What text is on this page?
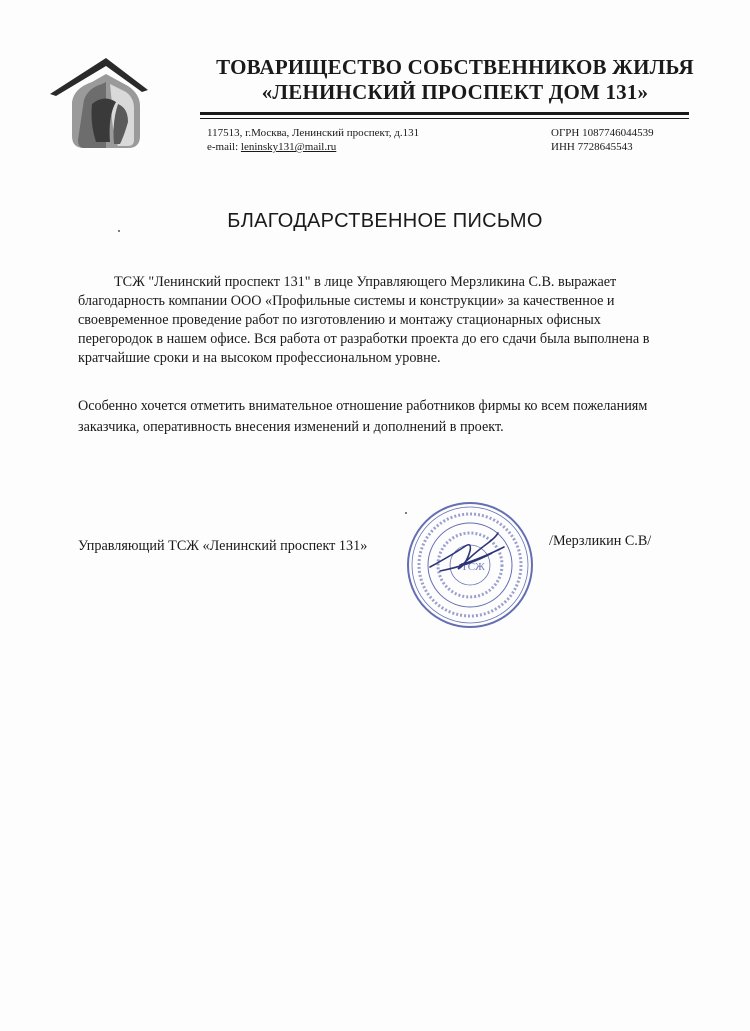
ТОВАРИЩЕСТВО СОБСТВЕННИКОВ ЖИЛЬЯ
«ЛЕНИНСКИЙ ПРОСПЕКТ ДОМ 131»
117513, г.Москва, Ленинский проспект, д.131
e-mail: leninsky131@mail.ru
ОГРН 1087746044539
ИНН 7728645543
БЛАГОДАРСТВЕННОЕ ПИСЬМО
ТСЖ "Ленинский проспект 131" в лице Управляющего Мерзликина С.В. выражает
благодарность компании ООО «Профильные системы и конструкции» за качественное и
своевременное проведение работ по изготовлению и монтажу стационарных офисных
перегородок в нашем офисе. Вся работа от разработки проекта до его сдачи была выполнена в
кратчайшие сроки и на высоком профессиональном уровне.
Особенно хочется отметить внимательное отношение работников фирмы ко всем пожеланиям
заказчика, оперативность внесения изменений и дополнений в проект.
Управляющий ТСЖ «Ленинский проспект 131»
ТСЖ
/Мерзликин С.В/
